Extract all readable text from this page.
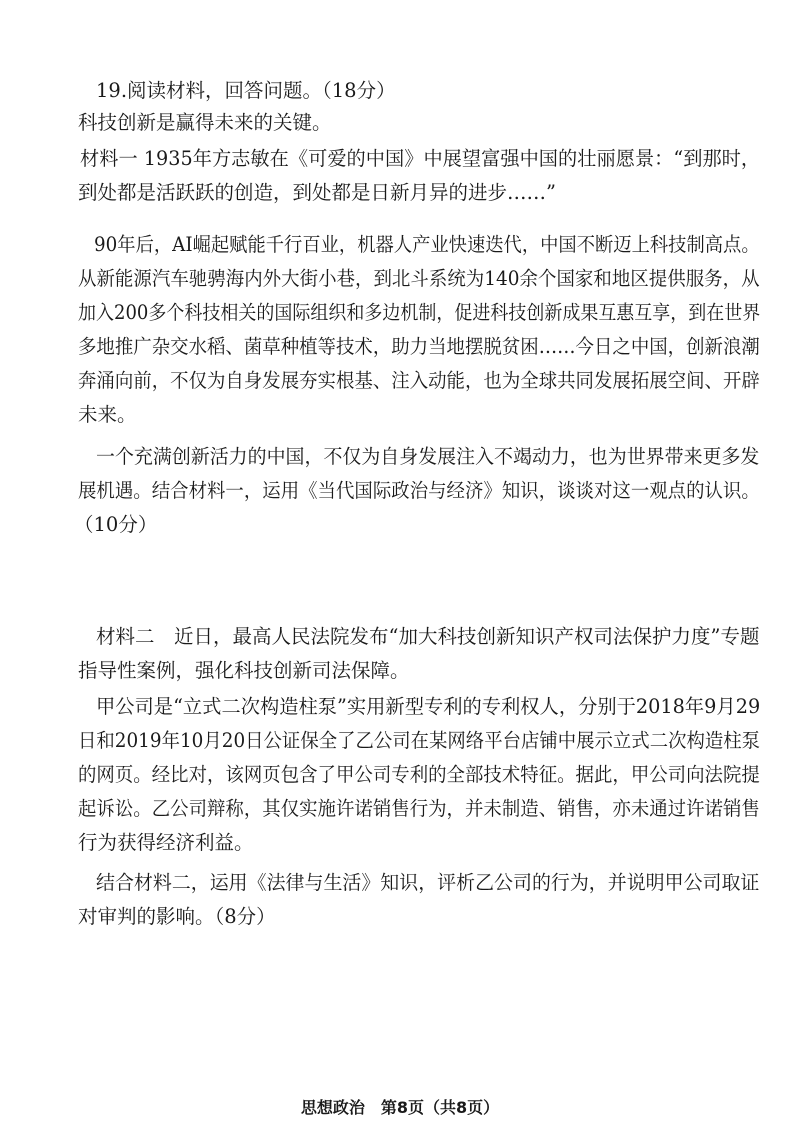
19.阅读材料，回答问题。（18分）
科技创新是赢得未来的关键。
材料一 1935年方志敏在《可爱的中国》中展望富强中国的壮丽愿景：“到那时，
到处都是活跃跃的创造，到处都是日新月异的进步……”
90年后，AI崛起赋能千行百业，机器人产业快速迭代，中国不断迈上科技制高点。
从新能源汽车驰骋海内外大街小巷，到北斗系统为140余个国家和地区提供服务，从
加入200多个科技相关的国际组织和多边机制，促进科技创新成果互惠互享，到在世界
多地推广杂交水稻、菌草种植等技术，助力当地摆脱贫困……今日之中国，创新浪潮
奔涌向前，不仅为自身发展夯实根基、注入动能，也为全球共同发展拓展空间、开辟
未来。
一个充满创新活力的中国，不仅为自身发展注入不竭动力，也为世界带来更多发
展机遇。结合材料一，运用《当代国际政治与经济》知识，谈谈对这一观点的认识。
（10分）
材料二　近日，最高人民法院发布“加大科技创新知识产权司法保护力度”专题
指导性案例，强化科技创新司法保障。
甲公司是“立式二次构造柱泵”实用新型专利的专利权人，分别于2018年9月29
日和2019年10月20日公证保全了乙公司在某网络平台店铺中展示立式二次构造柱泵
的网页。经比对，该网页包含了甲公司专利的全部技术特征。据此，甲公司向法院提
起诉讼。乙公司辩称，其仅实施许诺销售行为，并未制造、销售，亦未通过许诺销售
行为获得经济利益。
结合材料二，运用《法律与生活》知识，评析乙公司的行为，并说明甲公司取证
对审判的影响。（8分）
思想政治　第8页（共8页）
